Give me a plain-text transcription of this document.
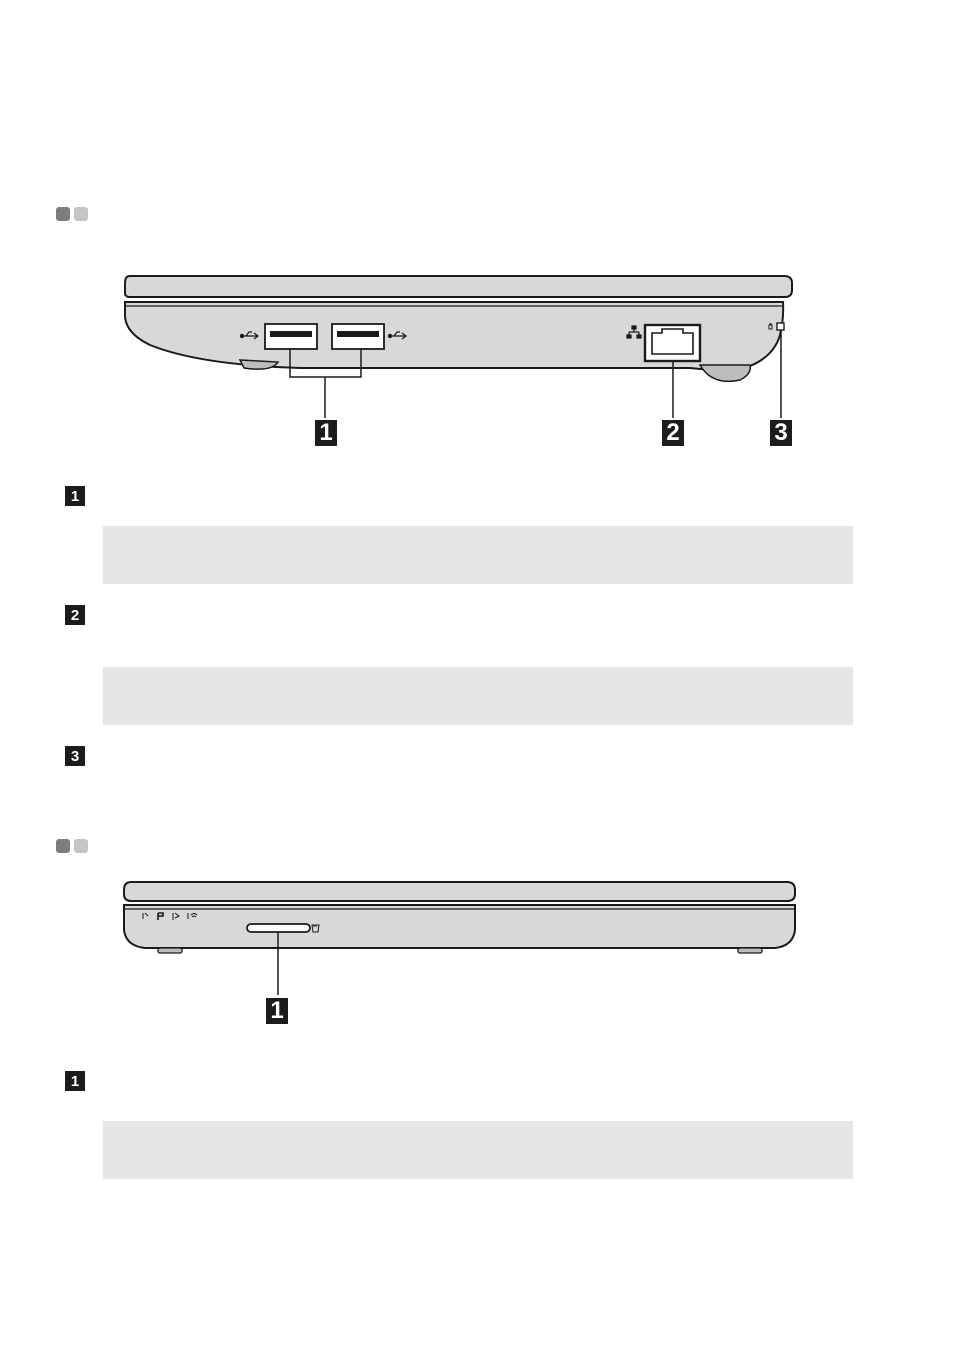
1	2	3
1
2
3
1
1
